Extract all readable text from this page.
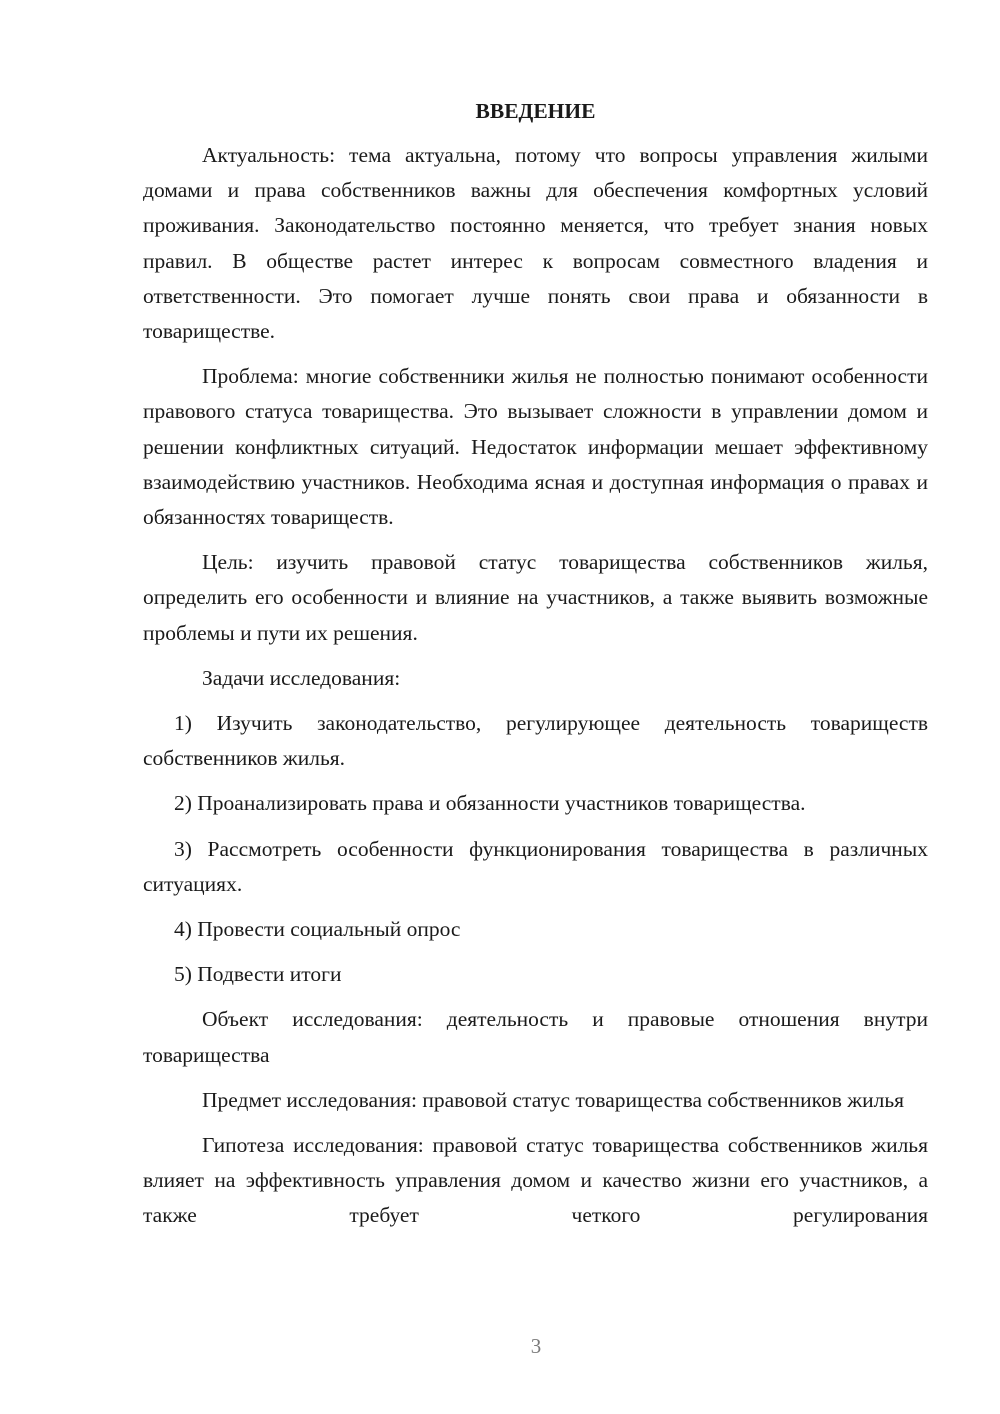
ВВЕДЕНИЕ

Актуальность: тема актуальна, потому что вопросы управления жилыми домами и права собственников важны для обеспечения комфортных условий проживания. Законодательство постоянно меняется, что требует знания новых правил. В обществе растет интерес к вопросам совместного владения и ответственности. Это помогает лучше понять свои права и обязанности в товариществе.

Проблема: многие собственники жилья не полностью понимают особенности правового статуса товарищества. Это вызывает сложности в управлении домом и решении конфликтных ситуаций. Недостаток информации мешает эффективному взаимодействию участников. Необходима ясная и доступная информация о правах и обязанностях товариществ.

Цель: изучить правовой статус товарищества собственников жилья, определить его особенности и влияние на участников, а также выявить возможные проблемы и пути их решения.

Задачи исследования:

1) Изучить законодательство, регулирующее деятельность товариществ собственников жилья.

2) Проанализировать права и обязанности участников товарищества.

3) Рассмотреть особенности функционирования товарищества в различных ситуациях.

4) Провести социальный опрос

5) Подвести итоги

Объект исследования: деятельность и правовые отношения внутри товарищества

Предмет исследования: правовой статус товарищества собственников жилья

Гипотеза исследования: правовой статус товарищества собственников жилья влияет на эффективность управления домом и качество жизни его участников, а также требует четкого регулирования

3
